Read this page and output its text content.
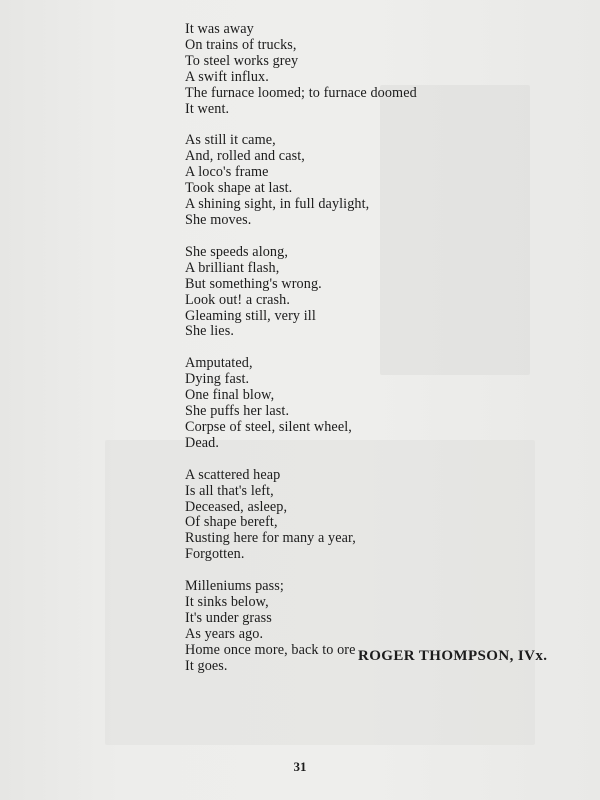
It was away
On trains of trucks,
To steel works grey
A swift influx.
The furnace loomed; to furnace doomed
It went.
As still it came,
And, rolled and cast,
A loco's frame
Took shape at last.
A shining sight, in full daylight,
She moves.
She speeds along,
A brilliant flash,
But something's wrong.
Look out! a crash.
Gleaming still, very ill
She lies.
Amputated,
Dying fast.
One final blow,
She puffs her last.
Corpse of steel, silent wheel,
Dead.
A scattered heap
Is all that's left,
Deceased, asleep,
Of shape bereft,
Rusting here for many a year,
Forgotten.
Milleniums pass;
It sinks below,
It's under grass
As years ago.
Home once more, back to ore
It goes.
ROGER THOMPSON, IVx.
31
